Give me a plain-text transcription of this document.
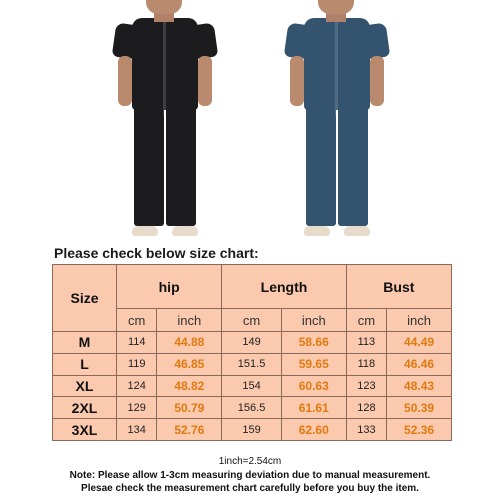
Please check below size chart:
Size	hip		Length		Bust	
	cm	inch	cm	inch	cm	inch
M	114	44.88	149	58.66	113	44.49
L	119	46.85	151.5	59.65	118	46.46
XL	124	48.82	154	60.63	123	48.43
2XL	129	50.79	156.5	61.61	128	50.39
3XL	134	52.76	159	62.60	133	52.36
1inch=2.54cm
Note: Please allow 1-3cm measuring deviation due to manual measurement.
Plesae check the measurement chart carefully before you buy the item.
